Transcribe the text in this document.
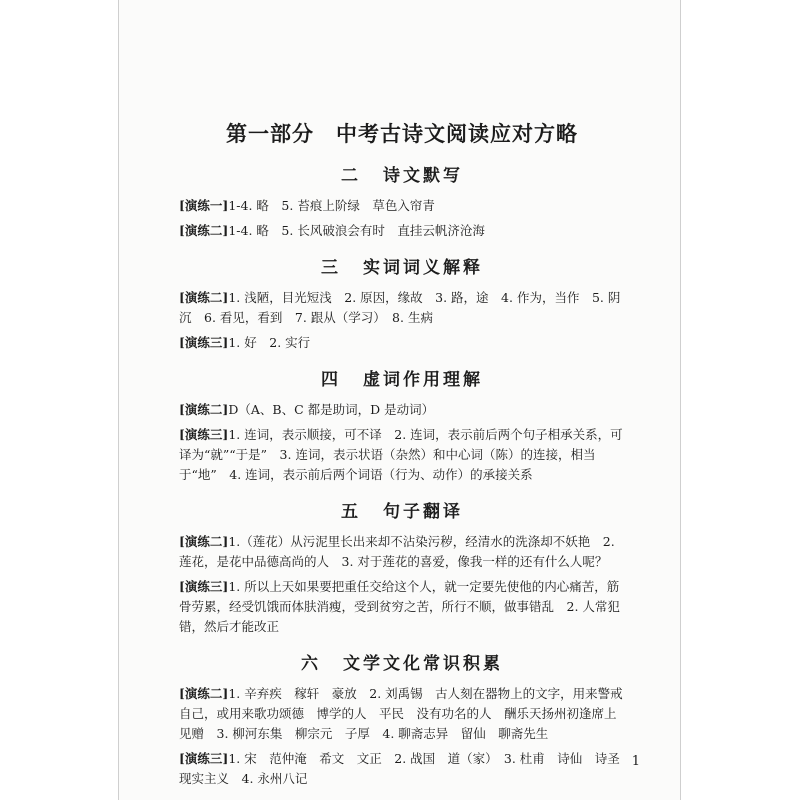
第一部分 中考古诗文阅读应对方略
二 诗文默写

[演练一]1-4. 略　5. 苔痕上阶绿　草色入帘青

[演练二]1-4. 略　5. 长风破浪会有时　直挂云帆济沧海

三 实词词义解释

[演练二]1. 浅陋，目光短浅　2. 原因，缘故　3. 路，途　4. 作为，当作　5. 阴沉　6. 看见，看到　7. 跟从（学习）　8. 生病

[演练三]1. 好　2. 实行

四 虚词作用理解

[演练二]D（A、B、C 都是助词，D 是动词）

[演练三]1. 连词，表示顺接，可不译　2. 连词，表示前后两个句子相承关系，可译为“就”“于是”　3. 连词，表示状语（杂然）和中心词（陈）的连接，相当于“地”　4. 连词，表示前后两个词语（行为、动作）的承接关系

五 句子翻译

[演练二]1.（莲花）从污泥里长出来却不沾染污秽，经清水的洗涤却不妖艳　2. 莲花，是花中品德高尚的人　3. 对于莲花的喜爱，像我一样的还有什么人呢？

[演练三]1. 所以上天如果要把重任交给这个人，就一定要先使他的内心痛苦，筋骨劳累，经受饥饿而体肤消瘦，受到贫穷之苦，所行不顺，做事错乱　2. 人常犯错，然后才能改正

六 文学文化常识积累

[演练二]1. 辛弃疾　稼轩　豪放　2. 刘禹锡　古人刻在器物上的文字，用来警戒自己，或用来歌功颂德　博学的人　平民　没有功名的人　酬乐天扬州初逢席上见赠　3. 柳河东集　柳宗元　子厚　4. 聊斋志异　留仙　聊斋先生

[演练三]1. 宋　范仲淹　希文　文正　2. 战国　道（家）　3. 杜甫　诗仙　诗圣　现实主义　4. 永州八记

1
